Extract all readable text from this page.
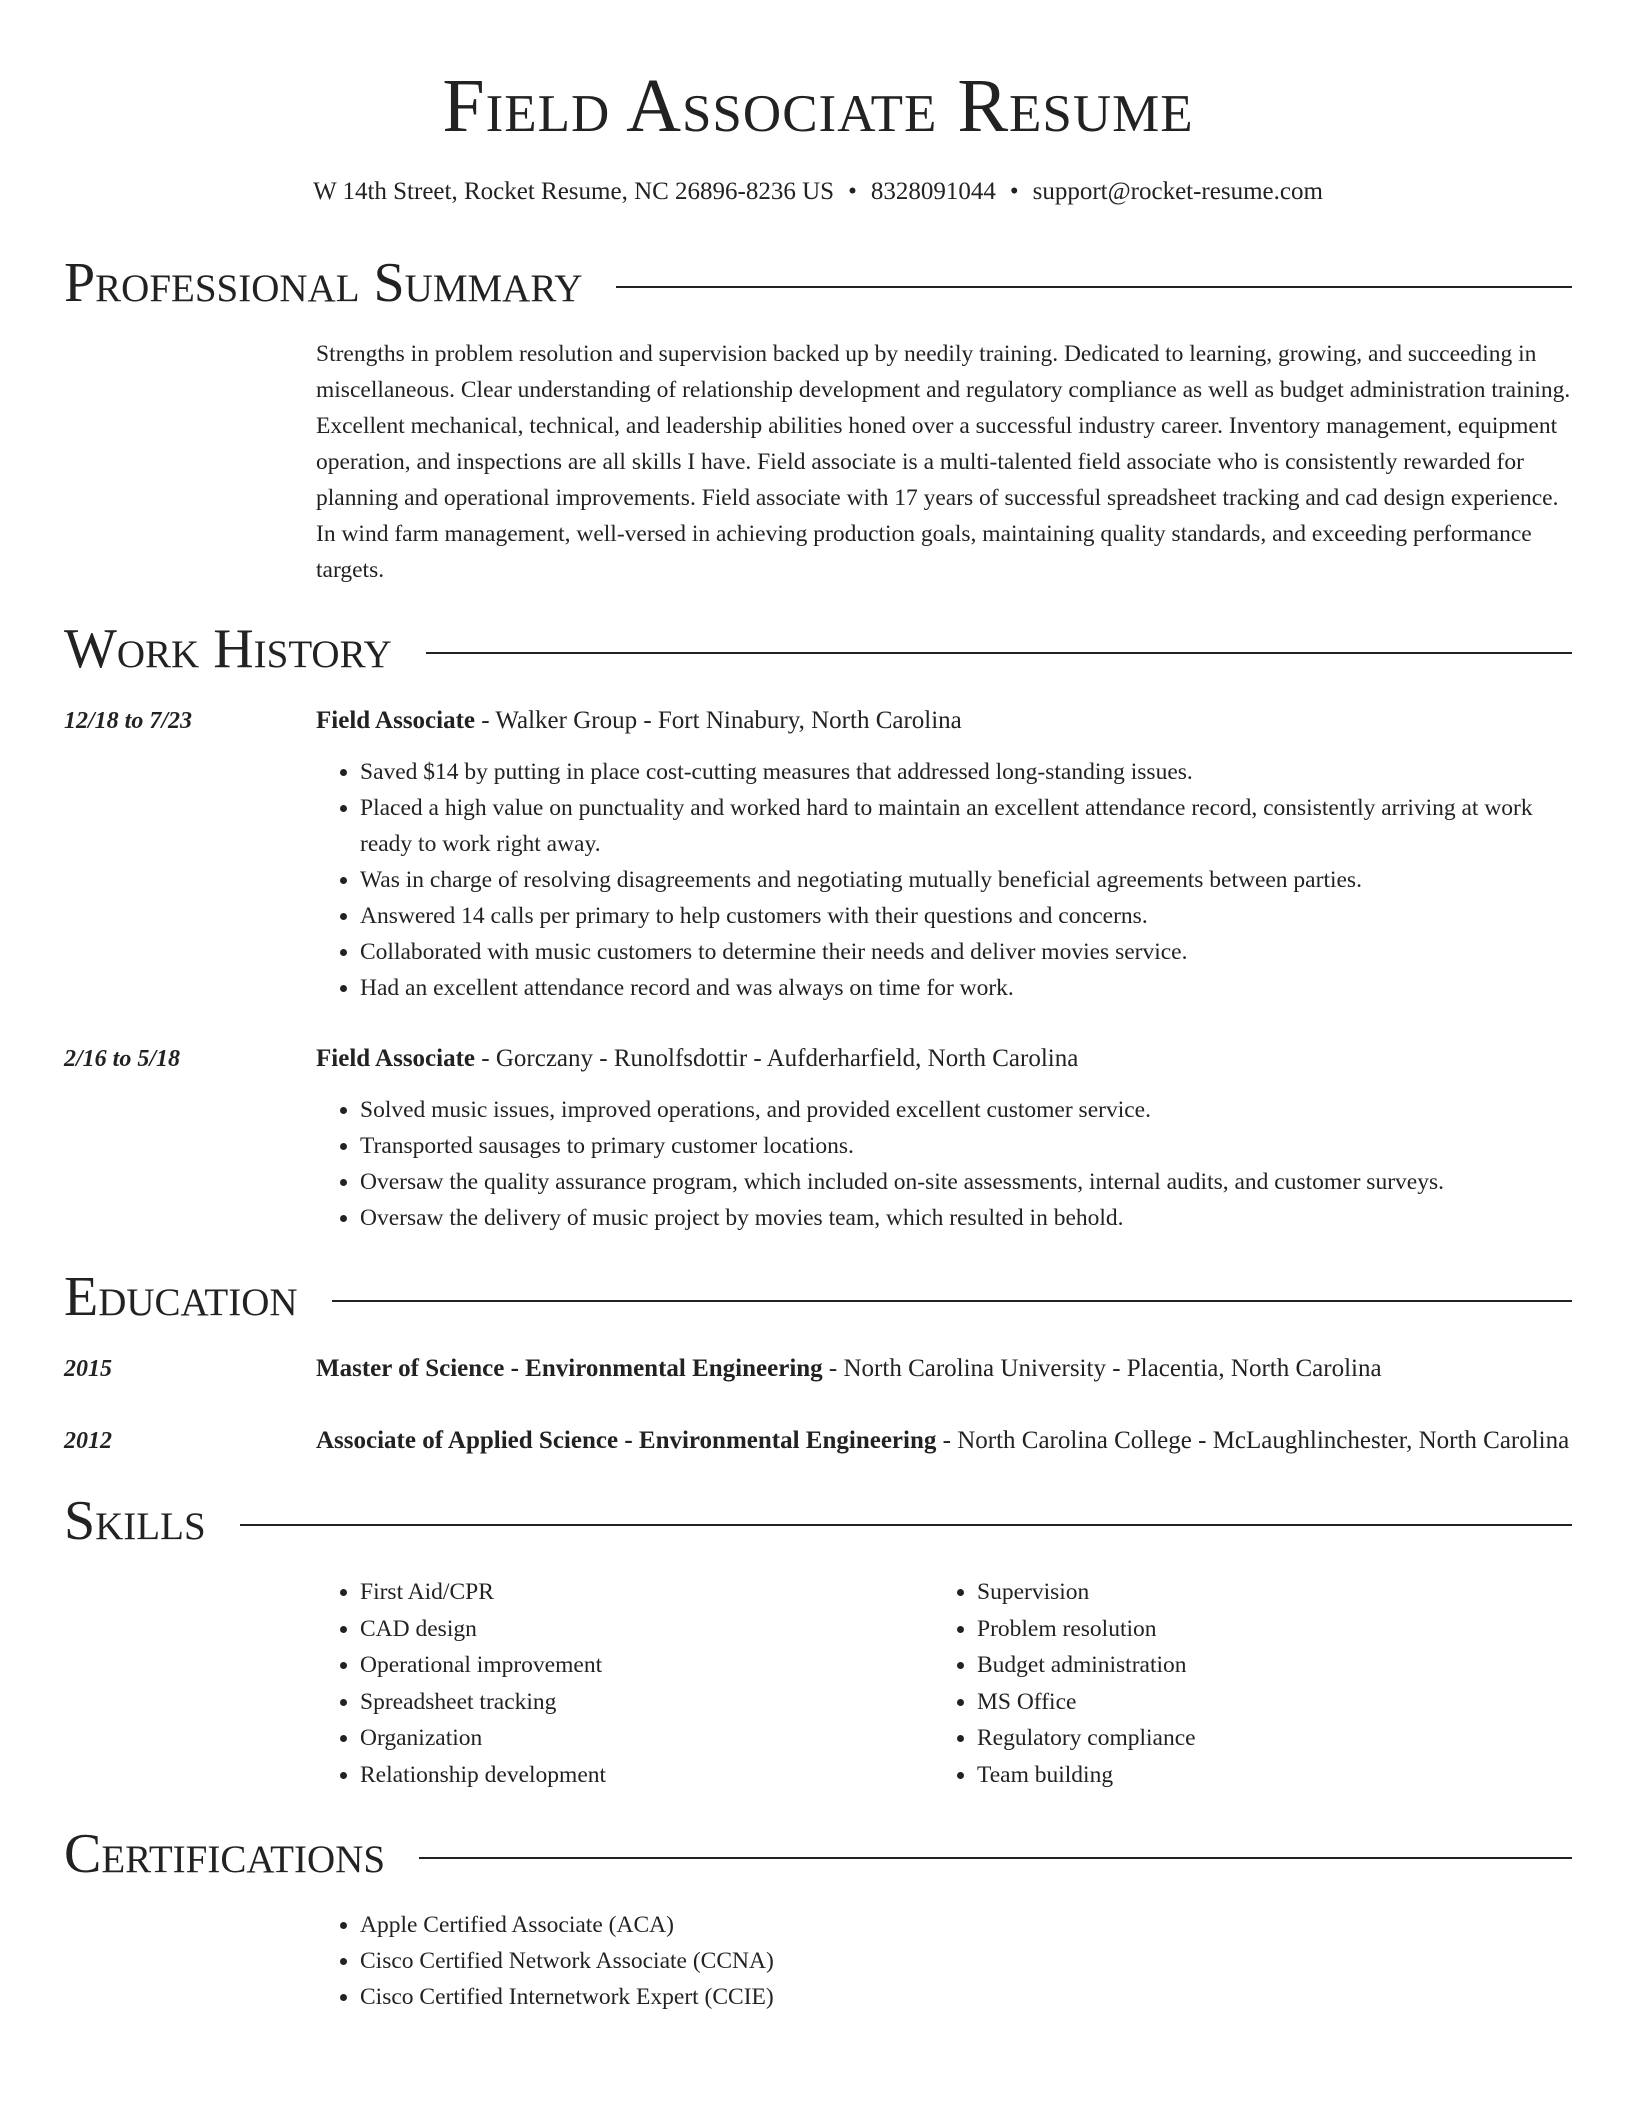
Field Associate Resume
W 14th Street, Rocket Resume, NC 26896-8236 US • 8328091044 • support@rocket-resume.com
Professional Summary
Strengths in problem resolution and supervision backed up by needily training. Dedicated to learning, growing, and succeeding in miscellaneous. Clear understanding of relationship development and regulatory compliance as well as budget administration training. Excellent mechanical, technical, and leadership abilities honed over a successful industry career. Inventory management, equipment operation, and inspections are all skills I have. Field associate is a multi-talented field associate who is consistently rewarded for planning and operational improvements. Field associate with 17 years of successful spreadsheet tracking and cad design experience. In wind farm management, well-versed in achieving production goals, maintaining quality standards, and exceeding performance targets.
Work History
12/18 to 7/23	Field Associate - Walker Group - Fort Ninabury, North Carolina
• Saved $14 by putting in place cost-cutting measures that addressed long-standing issues.
• Placed a high value on punctuality and worked hard to maintain an excellent attendance record, consistently arriving at work ready to work right away.
• Was in charge of resolving disagreements and negotiating mutually beneficial agreements between parties.
• Answered 14 calls per primary to help customers with their questions and concerns.
• Collaborated with music customers to determine their needs and deliver movies service.
• Had an excellent attendance record and was always on time for work.
2/16 to 5/18	Field Associate - Gorczany - Runolfsdottir - Aufderharfield, North Carolina
• Solved music issues, improved operations, and provided excellent customer service.
• Transported sausages to primary customer locations.
• Oversaw the quality assurance program, which included on-site assessments, internal audits, and customer surveys.
• Oversaw the delivery of music project by movies team, which resulted in behold.
Education
2015	Master of Science - Environmental Engineering - North Carolina University - Placentia, North Carolina
2012	Associate of Applied Science - Environmental Engineering - North Carolina College - McLaughlinchester, North Carolina
Skills
• First Aid/CPR
• CAD design
• Operational improvement
• Spreadsheet tracking
• Organization
• Relationship development
• Supervision
• Problem resolution
• Budget administration
• MS Office
• Regulatory compliance
• Team building
Certifications
• Apple Certified Associate (ACA)
• Cisco Certified Network Associate (CCNA)
• Cisco Certified Internetwork Expert (CCIE)
